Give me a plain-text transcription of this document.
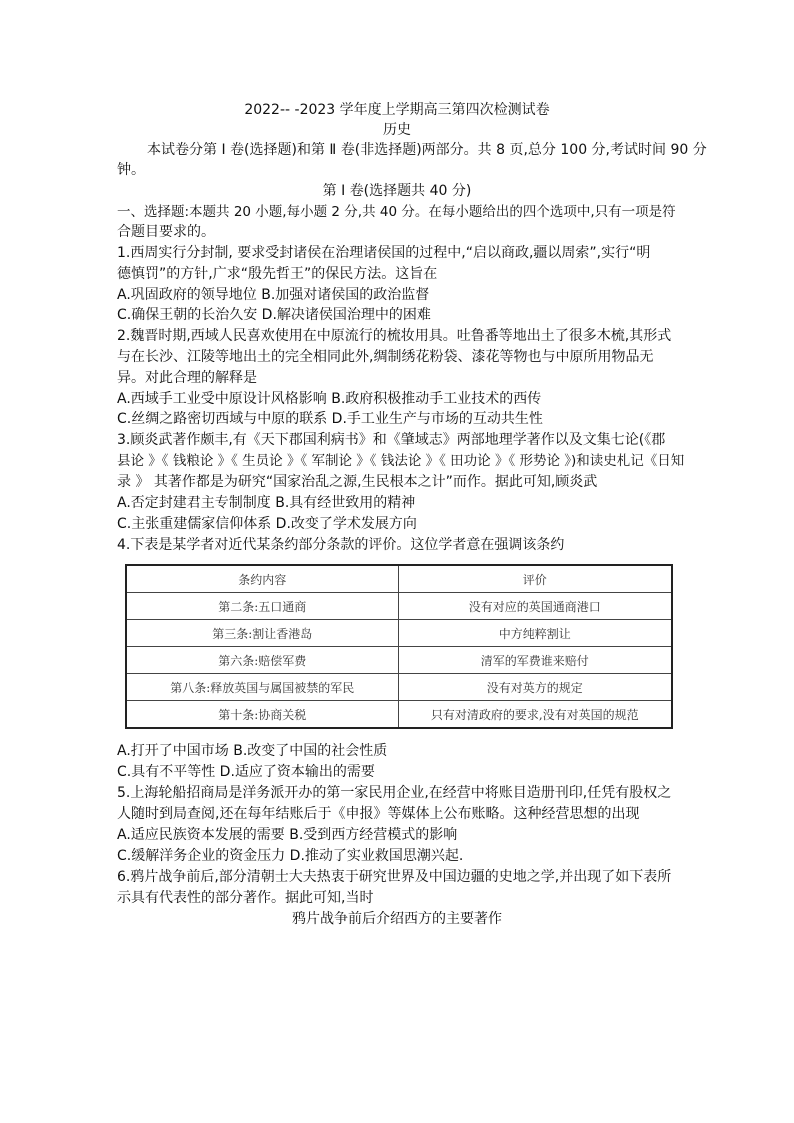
2022-- -2023 学年度上学期高三第四次检测试卷
历史
本试卷分第 I 卷(选择题)和第 Ⅱ 卷(非选择题)两部分。共 8 页,总分 100 分,考试时间 90 分
钟。
第 I 卷(选择题共 40 分)
一、选择题:本题共 20 小题,每小题 2 分,共 40 分。在每小题给出的四个选项中,只有一项是符
合题目要求的。
1.西周实行分封制, 要求受封诸侯在治理诸侯国的过程中,“启以商政,疆以周索”,实行“明
德慎罚”的方针,广求“殷先哲王”的保民方法。这旨在
A.巩固政府的领导地位 B.加强对诸侯国的政治监督
C.确保王朝的长治久安 D.解决诸侯国治理中的困难
2.魏晋时期,西域人民喜欢使用在中原流行的梳妆用具。吐鲁番等地出土了很多木梳,其形式
与在长沙、江陵等地出土的完全相同此外,绸制绣花粉袋、漆花等物也与中原所用物品无
异。对此合理的解释是
A.西域手工业受中原设计风格影响 B.政府积极推动手工业技术的西传
C.丝绸之路密切西域与中原的联系 D.手工业生产与市场的互动共生性
3.顾炎武著作颇丰,有《天下郡国利病书》和《肇域志》两部地理学著作以及文集七论(《郡
县论 》《 钱粮论 》《 生员论 》《 军制论 》《 钱法论 》《 田功论 》《 形势论 》)和读史札记《日知
录 》 其著作都是为研究“国家治乱之源,生民根本之计”而作。据此可知,顾炎武
A.否定封建君主专制制度 B.具有经世致用的精神
C.主张重建儒家信仰体系 D.改变了学术发展方向
4.下表是某学者对近代某条约部分条款的评价。这位学者意在强调该条约
条约内容	评价
第二条:五口通商	没有对应的英国通商港口
第三条:割让香港岛	中方纯粹割让
第六条:赔偿军费	清军的军费谁来赔付
第八条:释放英国与属国被禁的军民	没有对英方的规定
第十条:协商关税	只有对清政府的要求,没有对英国的规范
A.打开了中国市场 B.改变了中国的社会性质
C.具有不平等性 D.适应了资本输出的需要
5.上海轮船招商局是洋务派开办的第一家民用企业,在经营中将账目造册刊印,任凭有股权之
人随时到局查阅,还在每年结账后于《申报》等媒体上公布账略。这种经营思想的出现
A.适应民族资本发展的需要 B.受到西方经营模式的影响
C.缓解洋务企业的资金压力 D.推动了实业救国思潮兴起.
6.鸦片战争前后,部分清朝士大夫热衷于研究世界及中国边疆的史地之学,并出现了如下表所
示具有代表性的部分著作。据此可知,当时
鸦片战争前后介绍西方的主要著作
